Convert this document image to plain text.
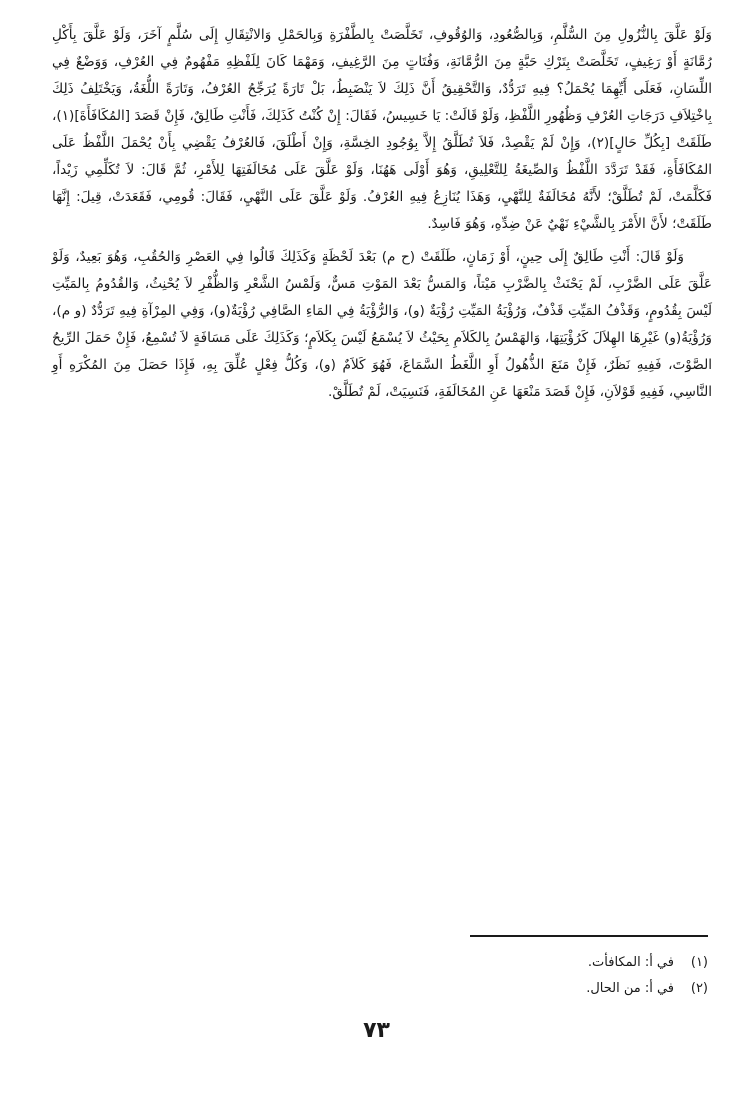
وَلَوْ عَلَّقَ بِالنُّزُولِ مِنَ السُّلَّمِ، وَبِالصُّعُودِ، وَالوُقُوفِ، تَخَلَّصَتْ بِالطَّفْرَةِ وَبِالحَمْلِ وَالانْتِقَالِ إِلَى سُلَّمٍ آخَرَ، وَلَوْ عَلَّقَ بِأَكْلِ رُمَّانَةٍ أَوْ رَغِيفٍ، تَخَلَّصَتْ بِتَرْكِ حَبَّةٍ مِنَ الرُّمَّانَةِ، وَفُتَاتٍ مِنَ الرَّغِيفِ، وَمَهْمَا كَانَ لِلَفْظِهِ مَفْهُومٌ فِي العُرْفِ، وَوَضْعٌ فِي اللِّسَانِ، فَعَلَى أَيِّهِمَا يُحْمَلُ؟ فِيهِ تَرَدُّدٌ، وَالتَّحْقِيقُ أَنَّ ذَلِكَ لاَ يَنْضَبِطُ، بَلْ تَارَةً يُرَجِّحُ العُرْفُ، وَتَارَةً اللُّغَةُ، وَيَخْتَلِفُ ذَلِكَ بِاخْتِلاَفِ دَرَجَاتِ العُرْفِ وَظُهُورِ اللَّفْظِ، وَلَوْ قَالَتْ: يَا خَسِيسُ، فَقَالَ: إِنْ كُنْتُ كَذَلِكَ، فَأَنْتِ طَالِقٌ، فَإِنْ قَصَدَ [المُكَافَأَةَ](١)، طَلَقَتْ [بِكُلِّ حَالٍ](٢)، وَإِنْ لَمْ يَقْصِدْ، فَلاَ تُطَلَّقُ إِلاَّ بِوُجُودِ الخِسَّةِ، وَإِنْ أَطْلَقَ، فَالعُرْفُ يَقْضِي بِأَنْ يُحْمَلَ اللَّفْظُ عَلَى المُكَافَأَةِ، فَقَدْ تَرَدَّدَ اللَّفْظُ وَالصِّيغَةُ لِلتَّعْلِيقِ، وَهُوَ أَوْلَى هَهُنَا، وَلَوْ عَلَّقَ عَلَى مُخَالَفَتِهَا لِلأَمْرِ، ثُمَّ قَالَ: لاَ تُكَلِّمِي زَيْداً، فَكَلَّمَتْ، لَمْ تُطَلَّقْ؛ لأَنَّهُ مُخَالَفَةٌ لِلنَّهْيِ، وَهَذَا يُنَازِعُ فِيهِ العُرْفُ. وَلَوْ عَلَّقَ عَلَى النَّهْيِ، فَقَالَ: قُومِي، فَقَعَدَتْ، قِيلَ: إِنَّهَا طَلَقَتْ؛ لأَنَّ الأَمْرَ بِالشَّيْءِ نَهْيٌ عَنْ ضِدِّهِ، وَهُوَ فَاسِدٌ.

وَلَوْ قَالَ: أَنْتِ طَالِقٌ إِلَى حِينٍ، أَوْ زَمَانٍ، طَلَقَتْ (ح م) بَعْدَ لَحْظَةٍ وَكَذَلِكَ قَالُوا فِي العَصْرِ وَالحُقُبِ، وَهُوَ بَعِيدٌ، وَلَوْ عَلَّقَ عَلَى الضَّرْبِ، لَمْ يَحْنَثْ بِالضَّرْبِ مَيْتاً، وَالمَسُّ بَعْدَ المَوْتِ مَسٌّ، وَلَمْسُ الشَّعْرِ وَالظُّفْرِ لاَ يُحْنِثُ، وَالقُدُومُ بِالمَيِّتِ لَيْسَ بِقُدُومٍ، وَقَذْفُ المَيِّتِ قَذْفٌ، وَرُؤْيَةُ المَيِّتِ رُؤْيَةٌ (و)، وَالرُّؤْيَةُ فِي المَاءِ الصَّافِي رُؤْيَةٌ(و)، وَفِي المِرْآةِ فِيهِ تَرَدُّدٌ (و م)، وَرُؤْيَةُ(و) غَيْرِهَا الهِلاَلَ كَرُؤْيَتِهَا، وَالهَمْسُ بِالكَلاَمِ بِحَيْثُ لاَ يُسْمَعُ لَيْسَ بِكَلاَمٍ؛ وَكَذَلِكَ عَلَى مَسَافَةٍ لاَ تُسْمِعُ، فَإِنْ حَمَلَ الرِّيحُ الصَّوْتَ، فَفِيهِ نَظَرٌ، فَإِنْ مَنَعَ الذُّهُولُ أَوِ اللَّغَطُ السَّمَاعَ، فَهُوَ كَلاَمٌ (و)، وَكُلُّ فِعْلٍ عُلِّقَ بِهِ، فَإِذَا حَصَلَ مِنَ المُكْرَهِ أَوِ النَّاسِي، فَفِيهِ قَوْلاَنِ، فَإِنْ قَصَدَ مَنْعَهَا عَنِ المُخَالَفَةِ، فَنَسِيَتْ، لَمْ تُطَلَّقْ.

(١)
في أ: المكافأت.
(٢)
في أ: من الحال.
٧٣
